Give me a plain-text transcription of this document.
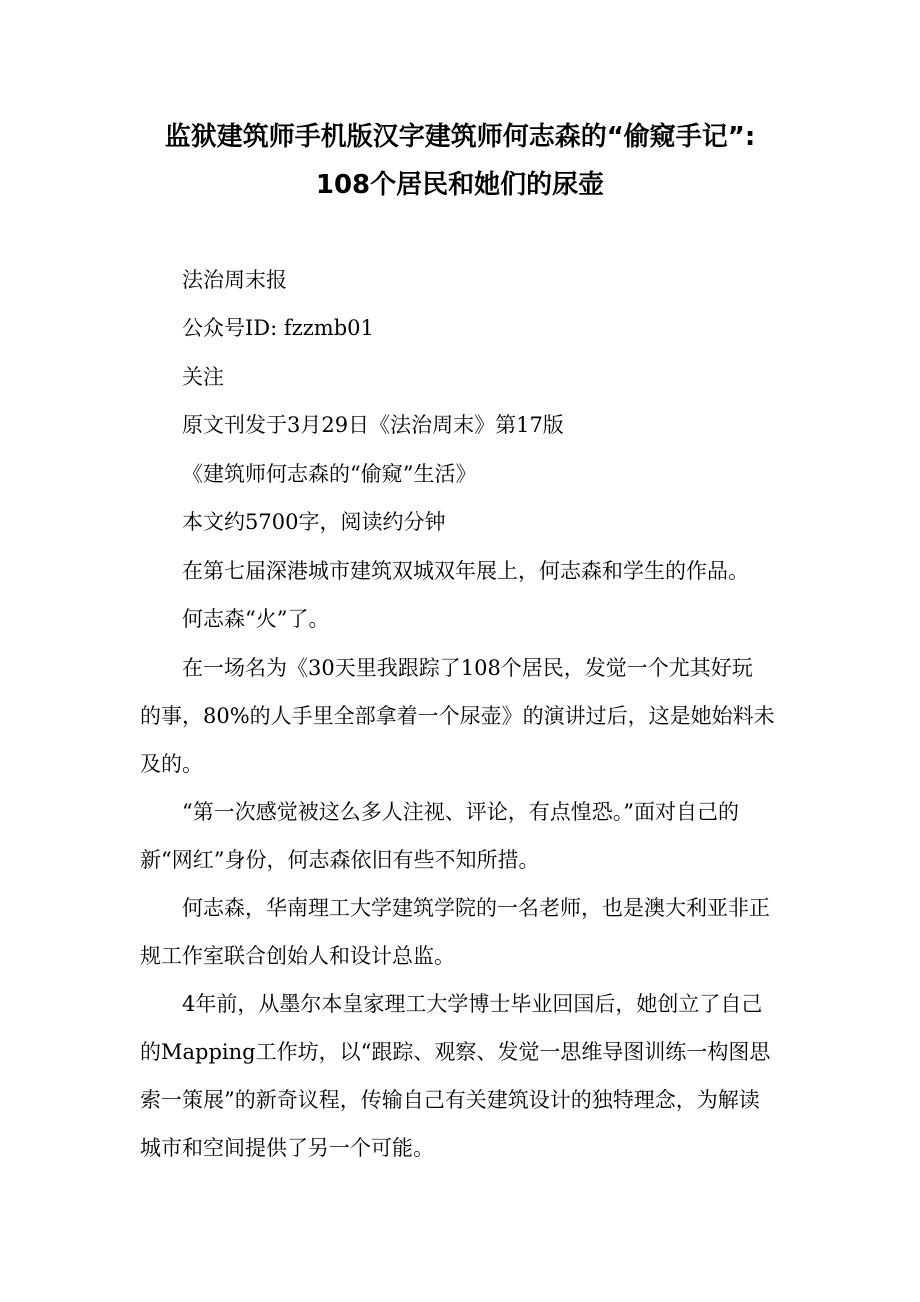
监狱建筑师手机版汉字建筑师何志森的“偷窥手记”:
108个居民和她们的尿壶
法治周末报
公众号ID: fzzmb01
关注
原文刊发于3月29日《法治周末》第17版
《建筑师何志森的“偷窥”生活》
本文约5700字，阅读约分钟
在第七届深港城市建筑双城双年展上，何志森和学生的作品。
何志森“火”了。
在一场名为《30天里我跟踪了108个居民，发觉一个尤其好玩
的事，80%的人手里全部拿着一个尿壶》的演讲过后，这是她始料未
及的。
“第一次感觉被这么多人注视、评论，有点惶恐。”面对自己的
新“网红”身份，何志森依旧有些不知所措。
何志森，华南理工大学建筑学院的一名老师，也是澳大利亚非正
规工作室联合创始人和设计总监。
4年前，从墨尔本皇家理工大学博士毕业回国后，她创立了自己
的Mapping工作坊，以“跟踪、观察、发觉一思维导图训练一构图思
索一策展”的新奇议程，传输自己有关建筑设计的独特理念，为解读
城市和空间提供了另一个可能。
